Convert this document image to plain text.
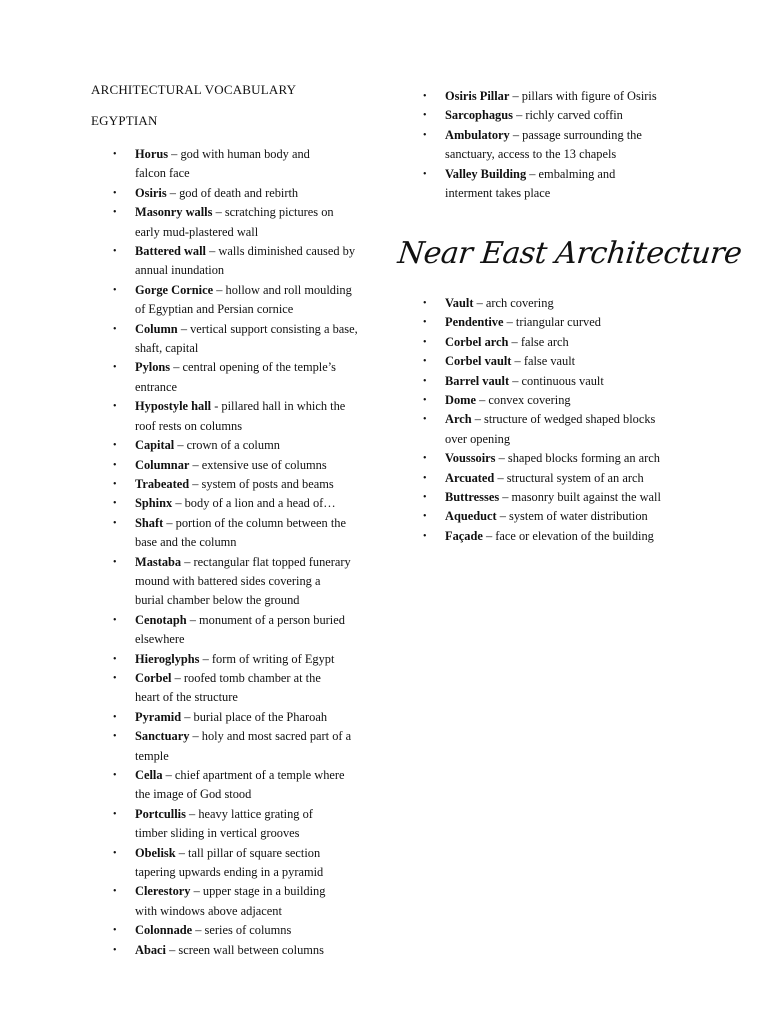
ARCHITECTURAL VOCABULARY
EGYPTIAN
• Horus – god with human body and
falcon face
• Osiris – god of death and rebirth
• Masonry walls – scratching pictures on
early mud-plastered wall
• Battered wall – walls diminished caused by
annual inundation
• Gorge Cornice – hollow and roll moulding
of Egyptian and Persian cornice
• Column – vertical support consisting a base,
shaft, capital
• Pylons – central opening of the temple’s
entrance
• Hypostyle hall - pillared hall in which the
roof rests on columns
• Capital – crown of a column
• Columnar – extensive use of columns
• Trabeated – system of posts and beams
• Sphinx – body of a lion and a head of…
• Shaft – portion of the column between the
base and the column
• Mastaba – rectangular flat topped funerary
mound with battered sides covering a
burial chamber below the ground
• Cenotaph – monument of a person buried
elsewhere
• Hieroglyphs – form of writing of Egypt
• Corbel – roofed tomb chamber at the
heart of the structure
• Pyramid – burial place of the Pharoah
• Sanctuary – holy and most sacred part of a
temple
• Cella – chief apartment of a temple where
the image of God stood
• Portcullis – heavy lattice grating of
timber sliding in vertical grooves
• Obelisk – tall pillar of square section
tapering upwards ending in a pyramid
• Clerestory – upper stage in a building
with windows above adjacent
• Colonnade – series of columns
• Abaci – screen wall between columns
• Osiris Pillar – pillars with figure of Osiris
• Sarcophagus – richly carved coffin
• Ambulatory – passage surrounding the
sanctuary, access to the 13 chapels
• Valley Building – embalming and
interment takes place
Near East Architecture
• Vault – arch covering
• Pendentive – triangular curved
• Corbel arch – false arch
• Corbel vault – false vault
• Barrel vault – continuous vault
• Dome – convex covering
• Arch – structure of wedged shaped blocks
over opening
• Voussoirs – shaped blocks forming an arch
• Arcuated – structural system of an arch
• Buttresses – masonry built against the wall
• Aqueduct – system of water distribution
• Façade – face or elevation of the building
